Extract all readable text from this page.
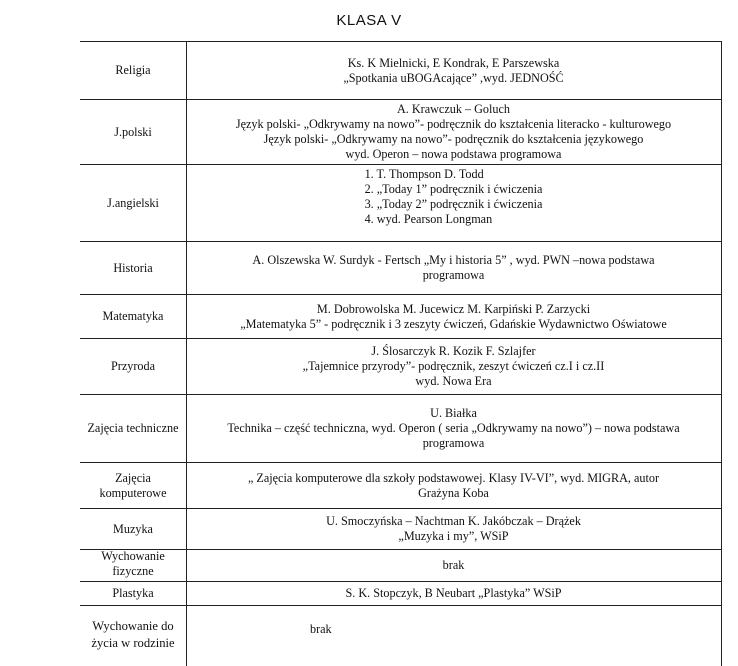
KLASA V
Religia
Ks. K Mielnicki, E Kondrak, E Parszewska
„Spotkania uBOGAcające” ,wyd. JEDNOŚĆ
J.polski
A. Krawczuk – Goluch
Język polski- „Odkrywamy na nowo”- podręcznik do kształcenia literacko - kulturowego
Język polski- „Odkrywamy na nowo”- podręcznik do kształcenia językowego
wyd. Operon – nowa podstawa programowa
J.angielski
1. T. Thompson D. Todd
2. „Today 1” podręcznik i ćwiczenia
3. „Today 2” podręcznik i ćwiczenia
4. wyd. Pearson Longman
Historia
A. Olszewska W. Surdyk - Fertsch „My i historia 5” , wyd. PWN –nowa podstawa
programowa
Matematyka
M. Dobrowolska M. Jucewicz M. Karpiński P. Zarzycki
„Matematyka 5” - podręcznik i 3 zeszyty ćwiczeń, Gdańskie Wydawnictwo Oświatowe
Przyroda
J. Ślosarczyk R. Kozik F. Szlajfer
„Tajemnice przyrody”- podręcznik, zeszyt ćwiczeń cz.I i cz.II
wyd. Nowa Era
Zajęcia techniczne
U. Białka
Technika – część techniczna, wyd. Operon ( seria „Odkrywamy na nowo”) – nowa podstawa
programowa
Zajęcia komputerowe
„ Zajęcia komputerowe dla szkoły podstawowej. Klasy IV-VI”, wyd. MIGRA, autor
Grażyna Koba
Muzyka
U. Smoczyńska – Nachtman K. Jakóbczak – Drążek
„Muzyka i my”, WSiP
Wychowanie fizyczne	brak
Plastyka	S. K. Stopczyk, B Neubart „Plastyka” WSiP
Wychowanie do życia w rodzinie
brak
